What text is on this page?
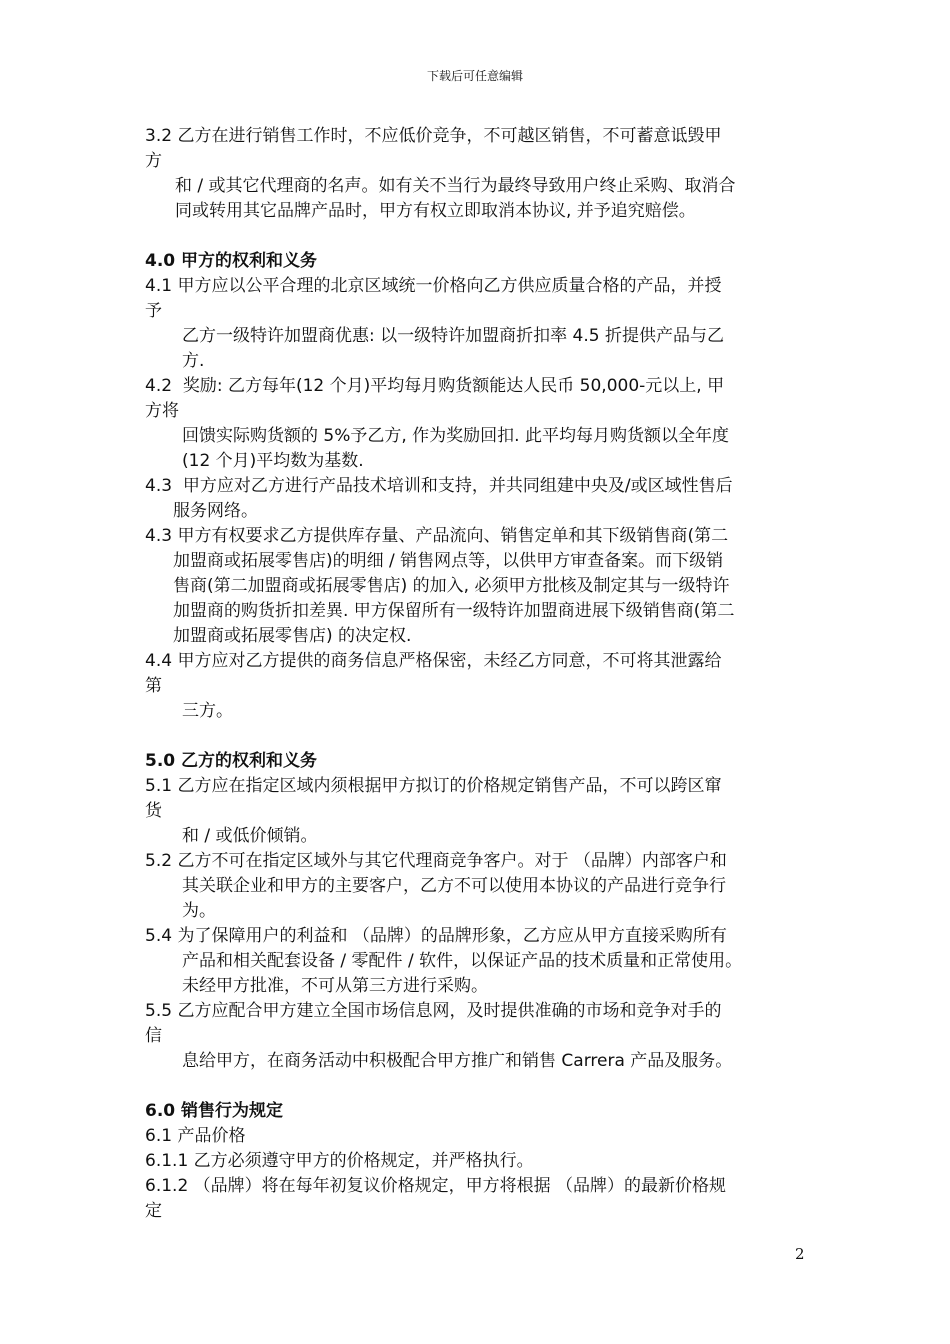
下载后可任意编辑
3.2 乙方在进行销售工作时，不应低价竞争，不可越区销售，不可蓄意诋毁甲
方
和 / 或其它代理商的名声。如有关不当行为最终导致用户终止采购、取消合
同或转用其它品牌产品时，甲方有权立即取消本协议, 并予追究赔偿。
4.0 甲方的权利和义务
4.1 甲方应以公平合理的北京区域统一价格向乙方供应质量合格的产品，并授
予
乙方一级特许加盟商优惠: 以一级特许加盟商折扣率 4.5 折提供产品与乙
方.
4.2  奖励: 乙方每年(12 个月)平均每月购货额能达人民币 50,000-元以上, 甲
方将
回馈实际购货额的 5%予乙方, 作为奖励回扣. 此平均每月购货额以全年度
(12 个月)平均数为基数.
4.3  甲方应对乙方进行产品技术培训和支持，并共同组建中央及/或区域性售后
服务网络。
4.3 甲方有权要求乙方提供库存量、产品流向、销售定单和其下级销售商(第二
加盟商或拓展零售店)的明细 / 销售网点等，以供甲方审查备案。而下级销
售商(第二加盟商或拓展零售店) 的加入, 必须甲方批核及制定其与一级特许
加盟商的购货折扣差異. 甲方保留所有一级特许加盟商进展下级销售商(第二
加盟商或拓展零售店) 的决定权.
4.4 甲方应对乙方提供的商务信息严格保密，未经乙方同意，不可将其泄露给
第
三方。
5.0 乙方的权利和义务
5.1 乙方应在指定区域内须根据甲方拟订的价格规定销售产品，不可以跨区窜
货
和 / 或低价倾销。
5.2 乙方不可在指定区域外与其它代理商竞争客户。对于 （品牌）内部客户和
其关联企业和甲方的主要客户，乙方不可以使用本协议的产品进行竞争行
为。
5.4 为了保障用户的利益和 （品牌）的品牌形象，乙方应从甲方直接采购所有
产品和相关配套设备 / 零配件 / 软件，以保证产品的技术质量和正常使用。
未经甲方批准，不可从第三方进行采购。
5.5 乙方应配合甲方建立全国市场信息网，及时提供准确的市场和竞争对手的
信
息给甲方，在商务活动中积极配合甲方推广和销售 Carrera 产品及服务。
6.0 销售行为规定
6.1 产品价格
6.1.1 乙方必须遵守甲方的价格规定，并严格执行。
6.1.2 （品牌）将在每年初复议价格规定，甲方将根据 （品牌）的最新价格规
定
2
